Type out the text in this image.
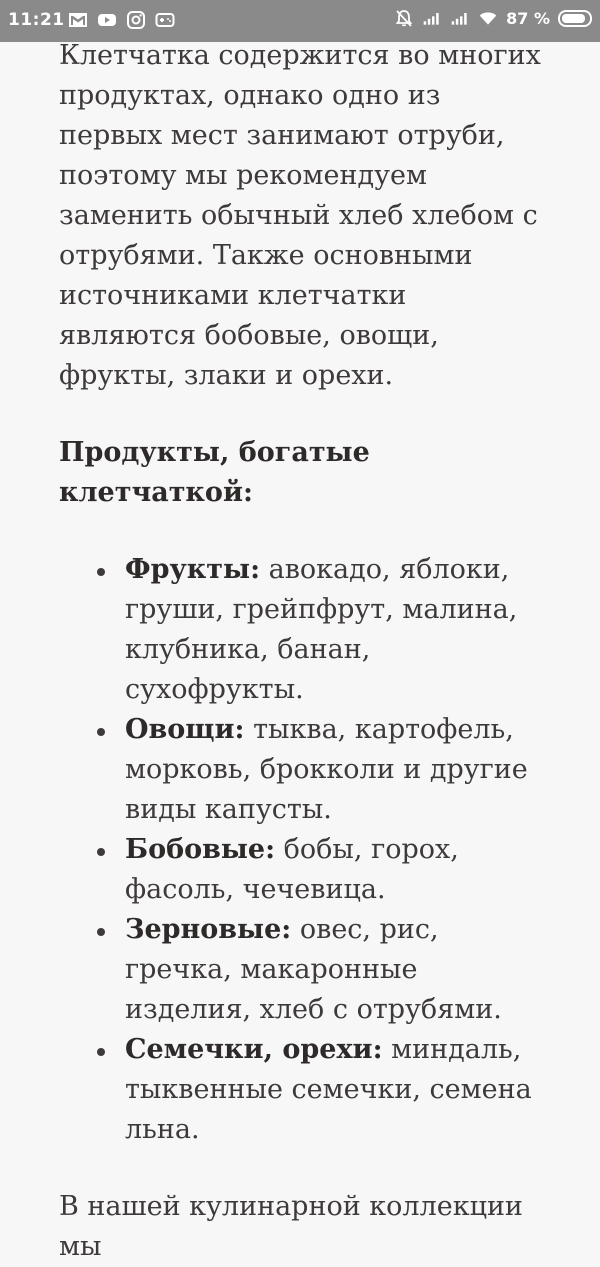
11:21	87 %

Клетчатка содержится во многих продуктах, однако одно из первых мест занимают отруби, поэтому мы рекомендуем заменить обычный хлеб хлебом с отрубями. Также основными источниками клетчатки являются бобовые, овощи, фрукты, злаки и орехи.

Продукты, богатые клетчаткой:

Фрукты: авокадо, яблоки, груши, грейпфрут, малина, клубника, банан, сухофрукты.
Овощи: тыква, картофель, морковь, брокколи и другие виды капусты.
Бобовые: бобы, горох, фасоль, чечевица.
Зерновые: овес, рис, гречка, макаронные изделия, хлеб с отрубями.
Семечки, орехи: миндаль, тыквенные семечки, семена льна.

В нашей кулинарной коллекции мы
